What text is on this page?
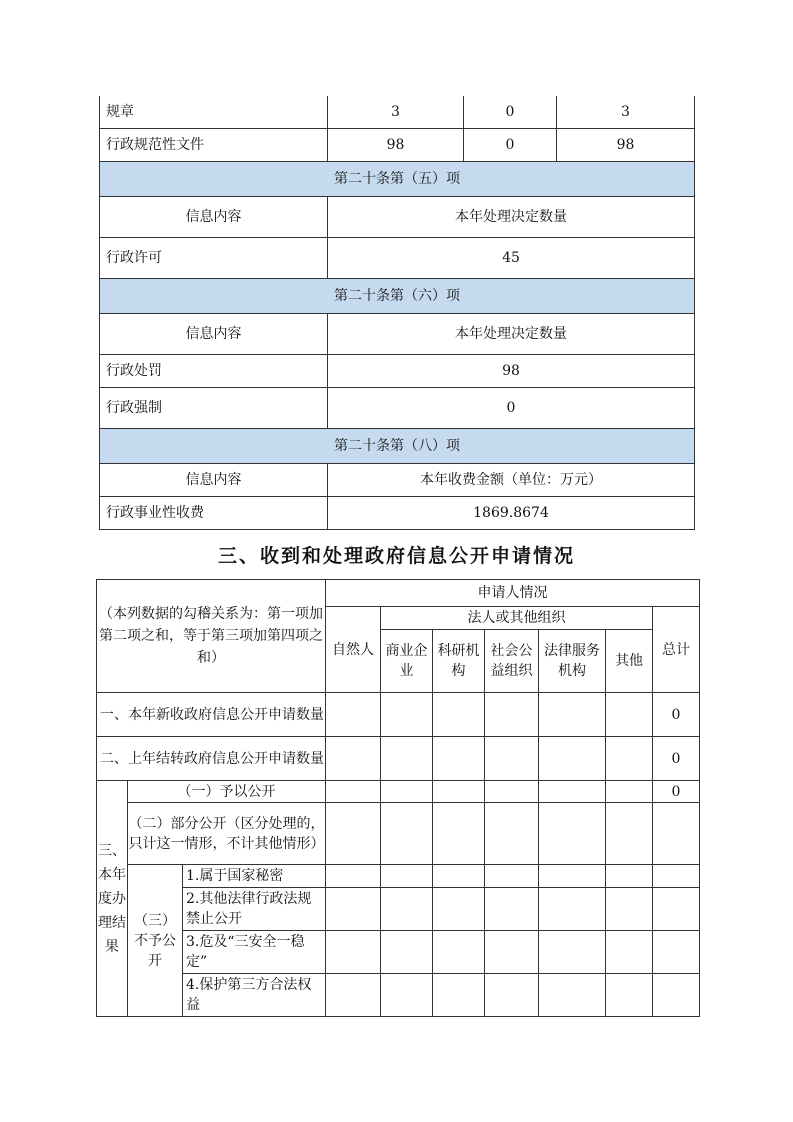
规章	3	0	3
行政规范性文件	98	0	98
第二十条第（五）项			
信息内容	本年处理决定数量		
行政许可	45		
第二十条第（六）项			
信息内容	本年处理决定数量		
行政处罚	98		
行政强制	0		
第二十条第（八）项			
信息内容	本年收费金额（单位：万元）		
行政事业性收费	1869.8674		
三、收到和处理政府信息公开申请情况
（本列数据的勾稽关系为：第一项加第二项之和，等于第三项加第四项之和）			申请人情况						
			自然人	法人或其他组织					总计
				商业企业	科研机构	社会公益组织	法律服务机构	其他	
一、本年新收政府信息公开申请数量									0
二、上年结转政府信息公开申请数量									0
三、本年度办理结果	（一）予以公开								0
	（二）部分公开（区分处理的，只计这一情形，不计其他情形）								
	（三）不予公开	1.属于国家秘密							
		2.其他法律行政法规禁止公开							
		3.危及“三安全一稳定”							
		4.保护第三方合法权益							
